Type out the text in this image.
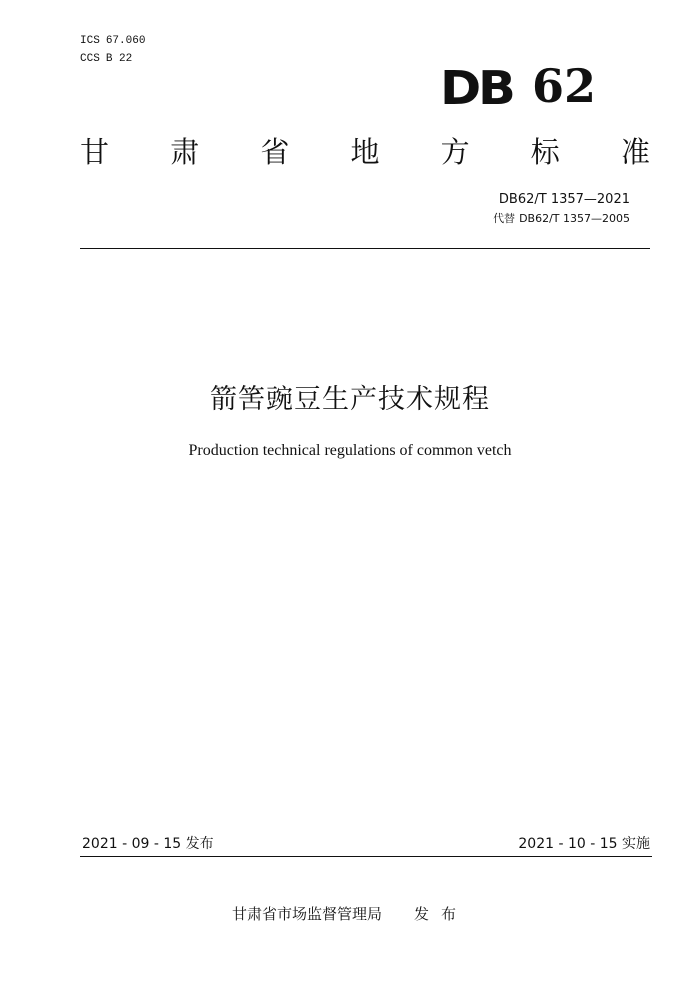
ICS 67.060
CCS B 22
DB 62
甘 肃 省 地 方 标 准
DB62/T 1357—2021
代替 DB62/T 1357—2005
箭筈豌豆生产技术规程
Production technical regulations of common vetch
2021 - 09 - 15 发布	2021 - 10 - 15 实施
甘肃省市场监督管理局 发布
